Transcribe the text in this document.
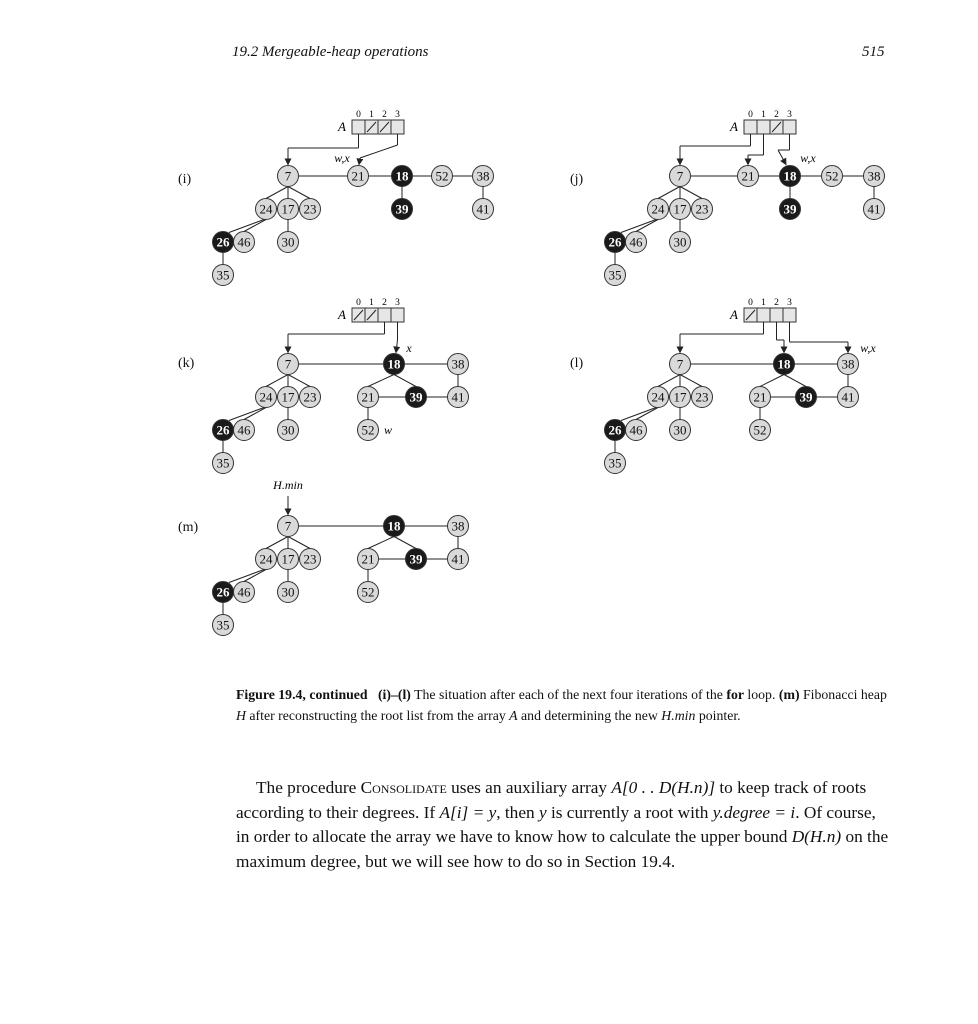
19.2 Mergeable-heap operations	515
A
0 1 2 3
w,x
7
24 17 23
26 46 30
35
21 18
39
52 38
41
A
0 1 2 3
w,x
7
24 17 23
26 46 30
35
21 18
39
52 38
41
A
0 1 2 3
x
7
24 17 23
26 46 30
35
18
21	39 41
52 w
38
A
0 1 2 3
w,x
7
24 17 23
26 46 30
35
18
21	39 41
52
38
H.min
7
24 17 23
26 46 30
35
18
21	39 41
52
38
(i)	(j)
(k)	(l)
(m)
Figure 19.4, continued (i)–(l) The situation after each of the next four iterations of the for loop. (m) Fibonacci heap H after reconstructing the root list from the array A and determining the new H.min pointer.
The procedure Consolidate uses an auxiliary array A[0 . . D(H.n)] to keep track of roots according to their degrees. If A[i] = y, then y is currently a root with y.degree = i. Of course, in order to allocate the array we have to know how to calculate the upper bound D(H.n) on the maximum degree, but we will see how to do so in Section 19.4.
